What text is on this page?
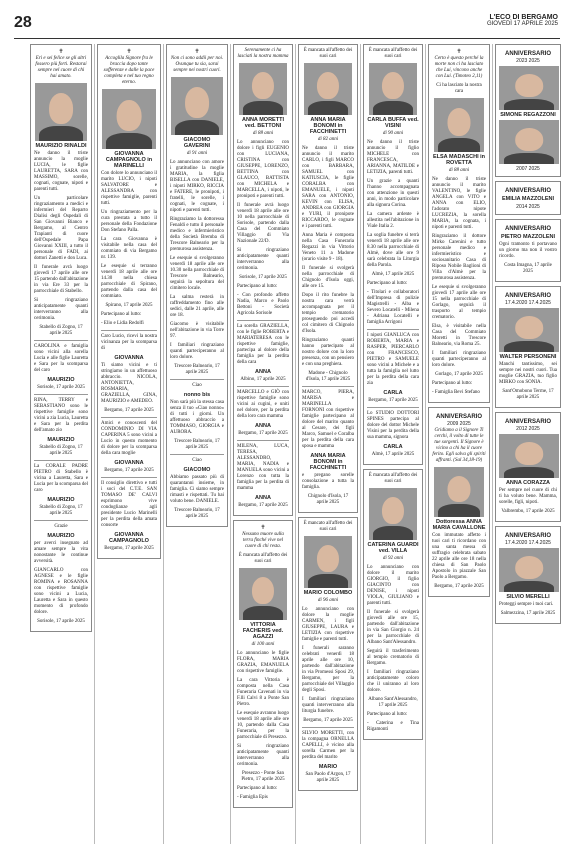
28	L'ECO DI BERGAMO
GIOVEDÌ 17 APRILE 2025
✝
Eri e sei felice se gli altri fossero più forti. Restarai sempre nel cuore di chi hai amato.
MAURIZIO RINALDI
Ne danno il triste annuncio la moglie LUCIA, le figlie LAURETTA, SARA con MASSIMO, sorelle, cognati, cognate, nipoti e parenti tutti.
Un particolare ringraziamento a medici e infermieri del Reparto Dialisi degli Ospedali di San Giovanni Bianco e Bergamo, al Centro Trapianti di cuore dell'Ospedale Papa Giovanni XXIII, a tutto il personale di FADI, ai dottori Zanetti e don Luca.
Il funerale avrà luogo giovedì 17 aprile alle ore 15 partendo dall'abitazione in via Ere 33 per la parrocchiale di Stabello.
Si ringraziano anticipatamente quanti interverranno alla cerimonia.
Stabello di Zogno, 17 aprile 2025
CAROLINA e famiglia sono vicini alla sorella Lucia e alle figlie Lauretta e Sara per la scomparsa del caro
MAURIZIO
Sorisole, 17 aprile 2025
RINA, TERRY e SEBASTIANO sono le rispettive famiglie sono vicini a zia Lucia, Lauretta e Sara per la perdita dell'amato zio
MAURIZIO
Stabello di Zogno, 17 aprile 2025
La CORALE PADRE PIETRO di Stabello è vicina a Lauretta, Sara e Lucia per la scomparsa del caro
MAURIZIO
Stabello di Zogno, 17 aprile 2025
Grazie
MAURIZIO
per averci insegnato ad amare sempre la vita nonostante le continue avversità.
GIANCARLO con AGNESE e le figlie ROMINA e ROSANNA con rispettive famiglie sono vicini a Lucia, Lauretta e Sara in questo momento di profondo dolore.
Sorisole, 17 aprile 2025
✝
Accoglila Signore fra le braccia dopo tante sofferenze e dalle la pace completa e nel tuo regno eterno.
GIOVANNA CAMPAGNOLO in MARINELLI
Con dolore lo annunciano il marito LUCIO, i nipoti SALVATORE e ALESSANDRA con rispettive famiglie, parenti tutti.
Un ringraziamento per la cura prestata a tutto il personale della Fondazione Don Stefano Palla.
La cara Giovanna è visitabile nella casa del commiato di via Bergamo nr. 139.
Le esequie si terranno venerdì 18 aprile alle ore 14.30 nella chiesa parrocchiale di Spirano, partendo dalla casa del commiato.
Spirano, 17 aprile 2025
Partecipano al lutto:
- Elio e Lidia Redolfi
Caro Lucio, ricevi la nostra vicinanza per la scomparsa di
GIOVANNA
Ti siamo vicini e ti stringiamo in un affettuoso abbraccio. NICOLA, ANTONIETTA, ROSMARIA, GRAZIELLA, GINA, MAURIZIO e AMEDEO.
Bergamo, 17 aprile 2025
Amici e conoscenti del CONDOMINIO DI VIA CAPERINA 5 sono vicini a Lucio in questo momento di dolore per la scomparsa della cara moglie
GIOVANNA
Bergamo, 17 aprile 2025
Il consiglio direttivo e tutti i soci del C.T.E. SAN TOMASO DE' CALVI esprimono vive condoglianze agli presidente Lucio Marinelli per la perdita della amata consorte
GIOVANNA CAMPAGNOLO
Bergamo, 17 aprile 2025
✝
Non ci sono addii per noi. Ovunque tu sia, sarai sempre nei nostri cuori.
GIACOMO GAVERINI
di 91 anni
Lo annunciano con amore i gratitudine la moglie MARIA, la figlia BISELLA con DANIELE, i nipoti MIRKO, RICCIA e FATERE, le pronipoti, i fratelli, le sorelle, i cognati, le cognate, i nipoti e parenti tutti.
Ringraziamo la dottoressa Fenaldi e tutto il personale medico e infermieristico della Società Bremba di Trescore Balneario per la premurosa assistenza.
Le esequie si svolgeranno venerdì 18 aprile alle ore 10.30 nella parrocchiale di Trescore Balneario, seguirà la sepoltura del cimitero locale.
La salma resterà in raffreddamento fino alle sedici, dalle 21 aprile, alle ore 18.
Giacomo è visitabile nell'abitazione in via Torre 97.
I familiari ringraziano quanti parteciperanno al loro dolore.
Trescore Balneario, 17 aprile 2025
Ciao
nonno bis
Non sarà più la stessa casa senza il tuo «Ciao nonno» di tutti i giorni. Un affettuoso abbraccio a TOMMASO, GIORGIA e AURORA.
Trescore Balneario, 17 aprile 2025
Ciao
GIACOMO
Abbiamo passato più di quarantanni insieme, in famiglia. Ci siamo sempre rimasti e rispettati. Tu hai voluto bene. DANIELE.
Trescore Balneario, 17 aprile 2025
Serenamente ci ha lasciati la nostra mamma
ANNA MORETTI ved. BETTONI
di 88 anni
Lo annunciano con dolore i figli EUGENIO con LUCIANA, CRISTINA con GIUSEPPE, LORENZO, BETTINA con GLAUCO, BATTISTA con MICHELA e MARCELLA, i nipoti, le pronipoti e parenti tutti.
Il funerale avrà luogo venerdì 18 aprile alle ore 10 nella parrocchiale di Sorisole, partendo dalla Casa del Commiato Villaggio di Via Nazionale 22/D.
Si ringraziano anticipatamente quanti interverranno alla cerimonia.
Sorisole, 17 aprile 2025
Partecipano al lutto:
- Con profondo affetto Nadia, Marco e Paolo Bettoni - Società Agricola Sorisole
La sorella GRAZIELLA, con le figlie ROBERTA e MARIATERESA con le rispettive famiglie, partecipa al dolore della famiglia per la perdita della cara
ANNA
Albino, 17 aprile 2025
MARCELLO e GIÒ con rispettive famiglie sono vicini ai cugini, e uniti nel dolore, per la perdita della loro cara mamma
ANNA
Bergamo, 17 aprile 2025
MILENA, LUCA, TERESA, ALESSANDRO, MARIA, NADIA e MANUELA sono vicini a Lorenzo con tutta la famiglia per la perdita di mamma
ANNA
Bergamo, 17 aprile 2025
✝
Nessuno muore sulla terra finché vive nel cuore di chi resta.
È mancata all'affetto dei suoi cari
VITTORIA FACHERIS ved. AGAZZI
di 100 anni
Lo annunciano le figlie FLORA, MARIA GRAZIA, EMANUELA con rispettive famiglie.
La cara Vittoria è composta nella Casa Funeraria Cavenati in via F.lli Calvi 8 a Ponte San Pietro.
Le esequie avranno luogo venerdì 18 aprile alle ore 10, partendo dalla Casa Funeraria, per la parrocchiale di Presezzo.
Si ringraziano anticipatamente quanti interverranno alla cerimonia.
Presezzo - Ponte San Pietro, 17 aprile 2025
Partecipano al lutto:
- Famiglia Epis
È mancata all'affetto dei suoi cari
ANNA MARIA BONOMI in FACCHINETTI
di 82 anni
Ne danno il triste annuncio il marito CARLO, i figli MARCO con BARBARA, SAMUEL con KATIUSCIA, le figlie CORALBA con EMANUELE, i nipoti SARA con ANTONIO, KEVIN con ELISA, ANDREA con GIORGIA e YURI, il pronipote RICCARDO, le cognate e i parenti tutti.
Anna Maria è composta nella Casa Funeraria Regazzi in via Vittorio Veneto 11 a Madone (orario visite 9 - 18).
Il funerale si svolgerà nella parrocchiale di Chignolo d'Isola oggi, alle ore 15.
Dopo il rito funebre la nostra cara verrà accompagnata per il tempio crematorio proseguendo poi accedi col cimitero di Chignolo d'Isola.
Ringraziamo quanti hanno partecipato al nostro dolore con la loro presenza, con un pensiero e con una preghiera.
Madone - Chignolo d'Isola, 17 aprile 2025
MARCO, PIERA, MARISA e MARINELLA FORNONI con rispettive famiglie partecipano al dolore del marito quanto al Cesare, dei figli Marco, Samuel e Coralba per la perdita della cara sposa e mamma
ANNA MARIA BONOMI in FACCHINETTI
e pregano sorelle consolazione a tutta la famiglia.
Chignolo d'Isola, 17 aprile 2025
È mancato all'affetto dei suoi cari
MARIO COLOMBO
di 96 anni
Lo annunciano con dolore la moglie CARMEN, i figli GIUSEPPE, LAURA e LETIZIA con rispettive famiglie e parenti tutti.
I funerali saranno celebrati venerdì 18 aprile alle ore 10, partendo dall'abitazione in via Promessi Sposi 29, Bergamo, per la parrocchiale del Villaggio degli Sposi.
I familiari ringraziano quanti interverranno alla liturgia funebre.
Bergamo, 17 aprile 2025
SILVIO MORETTI, con la compagna ORNELLA CAPELLI, è vicino alla sorella Carmen per la perdita del marito
MARIO
San Paolo d'Argon, 17 aprile 2025
È mancata all'affetto dei suoi cari
CARLA BUFFA ved. VISINI
di 90 anni
Ne danno il triste annuncio il figlio MICHELE con FRANCESCA, ARIANNA, MATILDE e LETIZIA, parenti tutti.
Un grazie a quanti l'hanno accompagnata con attenzione in questi anni, in modo particolare alla signora Corina.
La camera ardente è allestita nell'abitazione in Viale Italia 2.
La soglia funebre si terrà venerdì 18 aprile alle ore 8.30 nella parrocchiale di Almè, dove alle ore 9 sarà celebrata la Liturgia della Parola.
Almè, 17 aprile 2025
Partecipano al lutto:
- Titolari e collaboratori dell'Impresa di pulizie Magistrelli - Alba e Severo Locatelli - Milena - Adriana Locatelli e famiglia Arrigoni
I nipoti GIANLUCA con ROBERTA, MARIA e RASPER, PIERCARLO con FRANCESCO, PIETRO e SAMUELE sono vicini a Michele e a tutta la famiglia nel lutto per la perdita della cara zia
CARLA
Bergamo, 17 aprile 2025
Lo STUDIO DOTTORI SPINES partecipa al dolore del dottor Michele Visini per la perdita della sua mamma, signora
CARLA
Almè, 17 aprile 2025
È mancata all'affetto dei suoi cari
CATERINA GUARDI ved. VILLA
di 92 anni
Lo annunciano con dolore il marito GIORGIO, il figlio GIACINTO con DENISE, i nipoti VIOLA, GIULIANO e parenti tutti.
Il funerale si svolgerà giovedì alle ore 15, partendo dall'abitazione in via San Giorgio n. 24 per la parrocchiale di Albano Sant'Alessandro.
Seguirà il trasferimento al tempio crematorio di Bergamo.
I familiari ringraziano anticipatamente coloro che il uniranno al loro dolore.
Albano Sant'Alessandro, 17 aprile 2025
Partecipano al lutto:
- Caterina e Tina Rigamonti
✝
Certo è questo perché la morte non ci ha lasciato che Lui, vincono anche con Lui. (Timoteo 2,11)
Ci ha lasciato la nostra cara
ELSA MADASCHI in ROVETTA
di 88 anni
Ne danno il triste annuncio il marito VALENTINO, le figlie ANGELA con VITO e ANNA con ELIO, l'adorato nipote LUCREZIA, la sorella MARIA, la cognata, i nipoti e parenti tutti.
Ringraziamo il dottore Mirko Carenini e tutto personale medico e infermieristico e sociosanitario Casa di Riposo Nobile Baglioni di Villa d'Almè per la premurosa assistenza.
Le esequie si svolgeranno giovedì 17 aprile alle ore 15 nella parrocchiale di Gorlago, seguirà il trasporto al tempio crematorio.
Elsa, è visitabile nella Casa del Commiato Moretti in Trescore Balneario, via Roma 25.
I familiari ringraziano quanti parteciperanno al loro dolore.
Gorlago, 17 aprile 2025
Partecipano al lutto:
- Famiglia Bevi Stefano
ANNIVERSARIO
2009 2025
Gridiamo a il Signore Ti cerchi, il volto di tutte le tue sorgenti. Il Signore è vicino a chi ha il cuore ferito. Egli salva gli spiriti affranti. (Sal 34,18-19)
Dottoressa ANNA MARIA CAVALLONE
Con immutato affetto i tuoi cari ti ricordano con una santa messa di suffragio celebrata sabato 22 aprile alle ore 18 nella chiesa di San Paolo Apostolo in piazzale San Paolo a Bergamo.
Bergamo, 17 aprile 2025
ANNIVERSARIO
2023 2025
SIMONE REGAZZONI
2007 2025
ANNIVERSARIO
EMILIA MAZZOLENI
2014 2025
ANNIVERSARIO
PIETRO MAZZOLENI
Ogni tramonto ti portavano un giorno ma non il vostro ricordo.
Costa Imagna, 17 aprile 2025
ANNIVERSARIO
17.4.2020 17.4.2025
WALTER PERSONENI
Manchi tantissimo, sei sempre nei nostri cuori. Tua moglie GRAZIA, tuo figlio MIRKO con SONIA.
Sant'Omobono Terme, 17 aprile 2025
ANNIVERSARIO
2012 2025
ANNA CORAZZA
Per sempre nel cuore di chi ti ha voluto bene. Mamma, sorelle, figli, nipoti.
Valbrembo, 17 aprile 2025
ANNIVERSARIO
17.4.2020 17.4.2025
SILVIO MERELLI
Proteggi sempre i tuoi cari.
Salmezzina, 17 aprile 2025
